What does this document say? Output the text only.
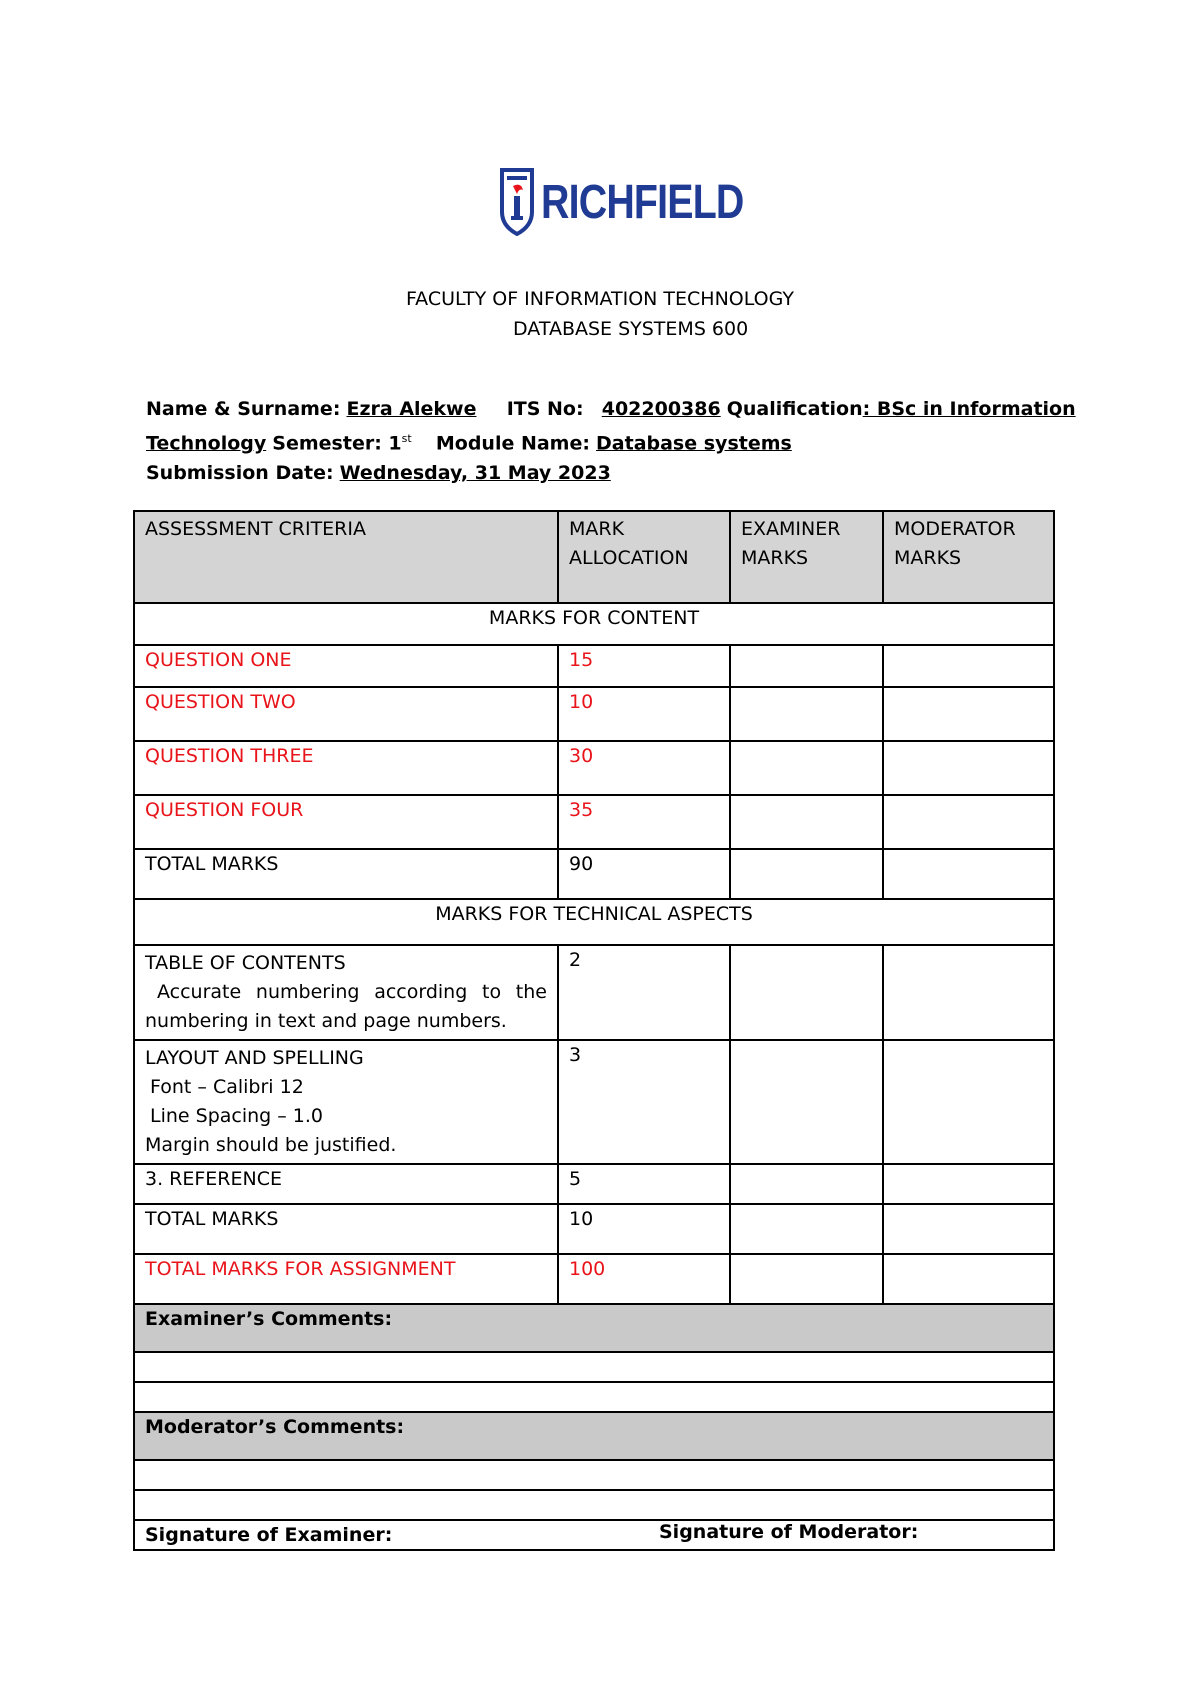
RICHFIELD
FACULTY OF INFORMATION TECHNOLOGY
DATABASE SYSTEMS 600
Name & Surname: Ezra Alekwe ITS No: 402200386 Qualification: BSc in Information
Technology Semester: 1st Module Name: Database systems
Submission Date: Wednesday, 31 May 2023
ASSESSMENT CRITERIA	MARK ALLOCATION	EXAMINER MARKS	MODERATOR MARKS
MARKS FOR CONTENT			
QUESTION ONE	15		
QUESTION TWO	10		
QUESTION THREE	30		
QUESTION FOUR	35		
TOTAL MARKS	90		
MARKS FOR TECHNICAL ASPECTS			

TABLE OF CONTENTS
Accurate numbering according to the numbering in text and page numbers.	2		

LAYOUT AND SPELLING
Font – Calibri 12
Line Spacing – 1.0
Margin should be justified.	3		
3. REFERENCE	5		
TOTAL MARKS	10		
TOTAL MARKS FOR ASSIGNMENT	100		
Examiner’s Comments:			

Moderator’s Comments:			

Signature of Examiner: Signature of Moderator:			
